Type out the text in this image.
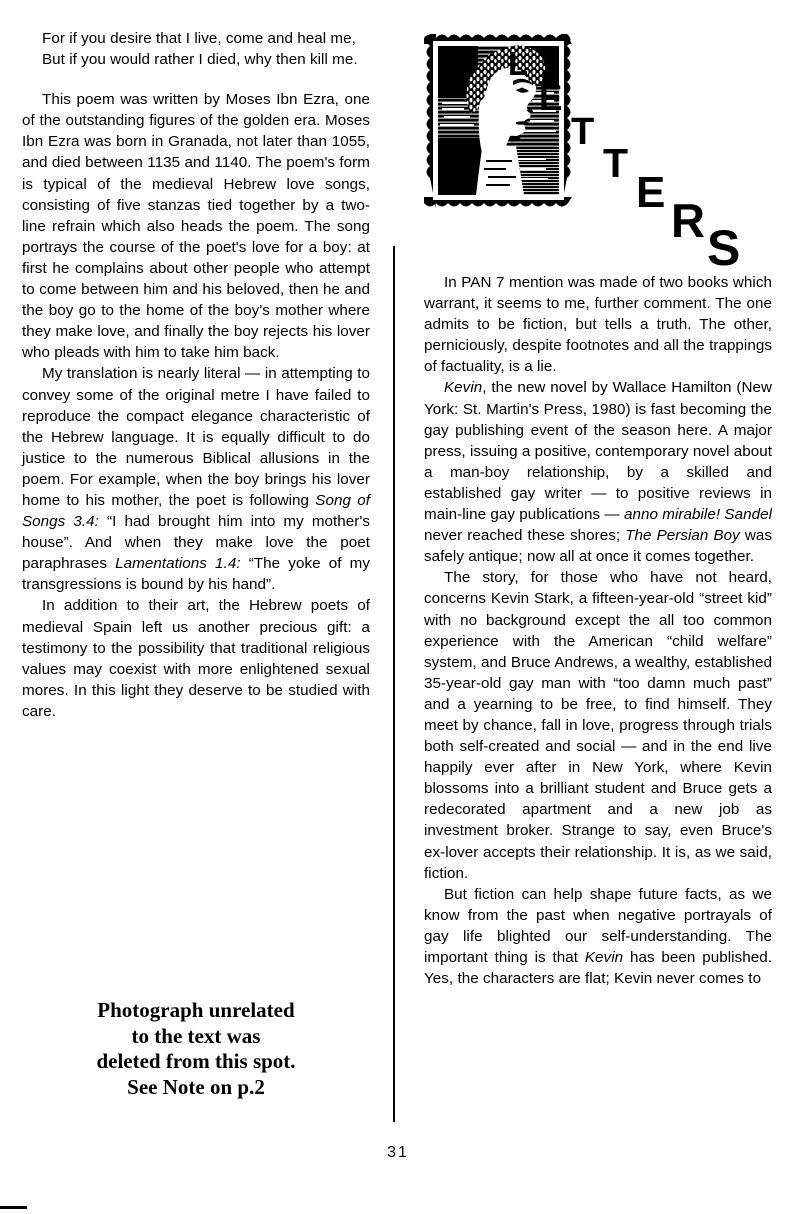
L
E
T
T
E
R S

For if you desire that I live, come and heal me,

But if you would rather I died, why then kill me.

This poem was written by Moses Ibn Ezra, one of the outstanding figures of the golden era. Moses Ibn Ezra was born in Granada, not later than 1055, and died between 1135 and 1140. The poem's form is typical of the medieval Hebrew love songs, consisting of five stanzas tied together by a two-line refrain which also heads the poem. The song portrays the course of the poet's love for a boy: at first he complains about other people who attempt to come between him and his beloved, then he and the boy go to the home of the boy's mother where they make love, and finally the boy rejects his lover who pleads with him to take him back.

My translation is nearly literal — in attempting to convey some of the original metre I have failed to reproduce the compact elegance characteristic of the Hebrew language. It is equally difficult to do justice to the numerous Biblical allusions in the poem. For example, when the boy brings his lover home to his mother, the poet is following Song of Songs 3.4: “I had brought him into my mother's house”. And when they make love the poet paraphrases Lamentations 1.4: “The yoke of my transgressions is bound by his hand”.

In addition to their art, the Hebrew poets of medieval Spain left us another precious gift: a testimony to the possibility that traditional religious values may coexist with more enlightened sexual mores. In this light they deserve to be studied with care.

Photograph unrelated
to the text was
deleted from this spot.
See Note on p.2

In PAN 7 mention was made of two books which warrant, it seems to me, further comment. The one admits to be fiction, but tells a truth. The other, perniciously, despite footnotes and all the trappings of factuality, is a lie.

Kevin, the new novel by Wallace Hamilton (New York: St. Martin's Press, 1980) is fast becoming the gay publishing event of the season here. A major press, issuing a positive, contemporary novel about a man-boy relationship, by a skilled and established gay writer — to positive reviews in main-line gay publications — anno mirabile! Sandel never reached these shores; The Persian Boy was safely antique; now all at once it comes together.

The story, for those who have not heard, concerns Kevin Stark, a fifteen-year-old “street kid” with no background except the all too common experience with the American “child welfare” system, and Bruce Andrews, a wealthy, established 35-year-old gay man with “too damn much past” and a yearning to be free, to find himself. They meet by chance, fall in love, progress through trials both self-created and social — and in the end live happily ever after in New York, where Kevin blossoms into a brilliant student and Bruce gets a redecorated apartment and a new job as investment broker. Strange to say, even Bruce's ex-lover accepts their relationship. It is, as we said, fiction.

But fiction can help shape future facts, as we know from the past when negative portrayals of gay life blighted our self-understanding. The important thing is that Kevin has been published. Yes, the characters are flat; Kevin never comes to

31
